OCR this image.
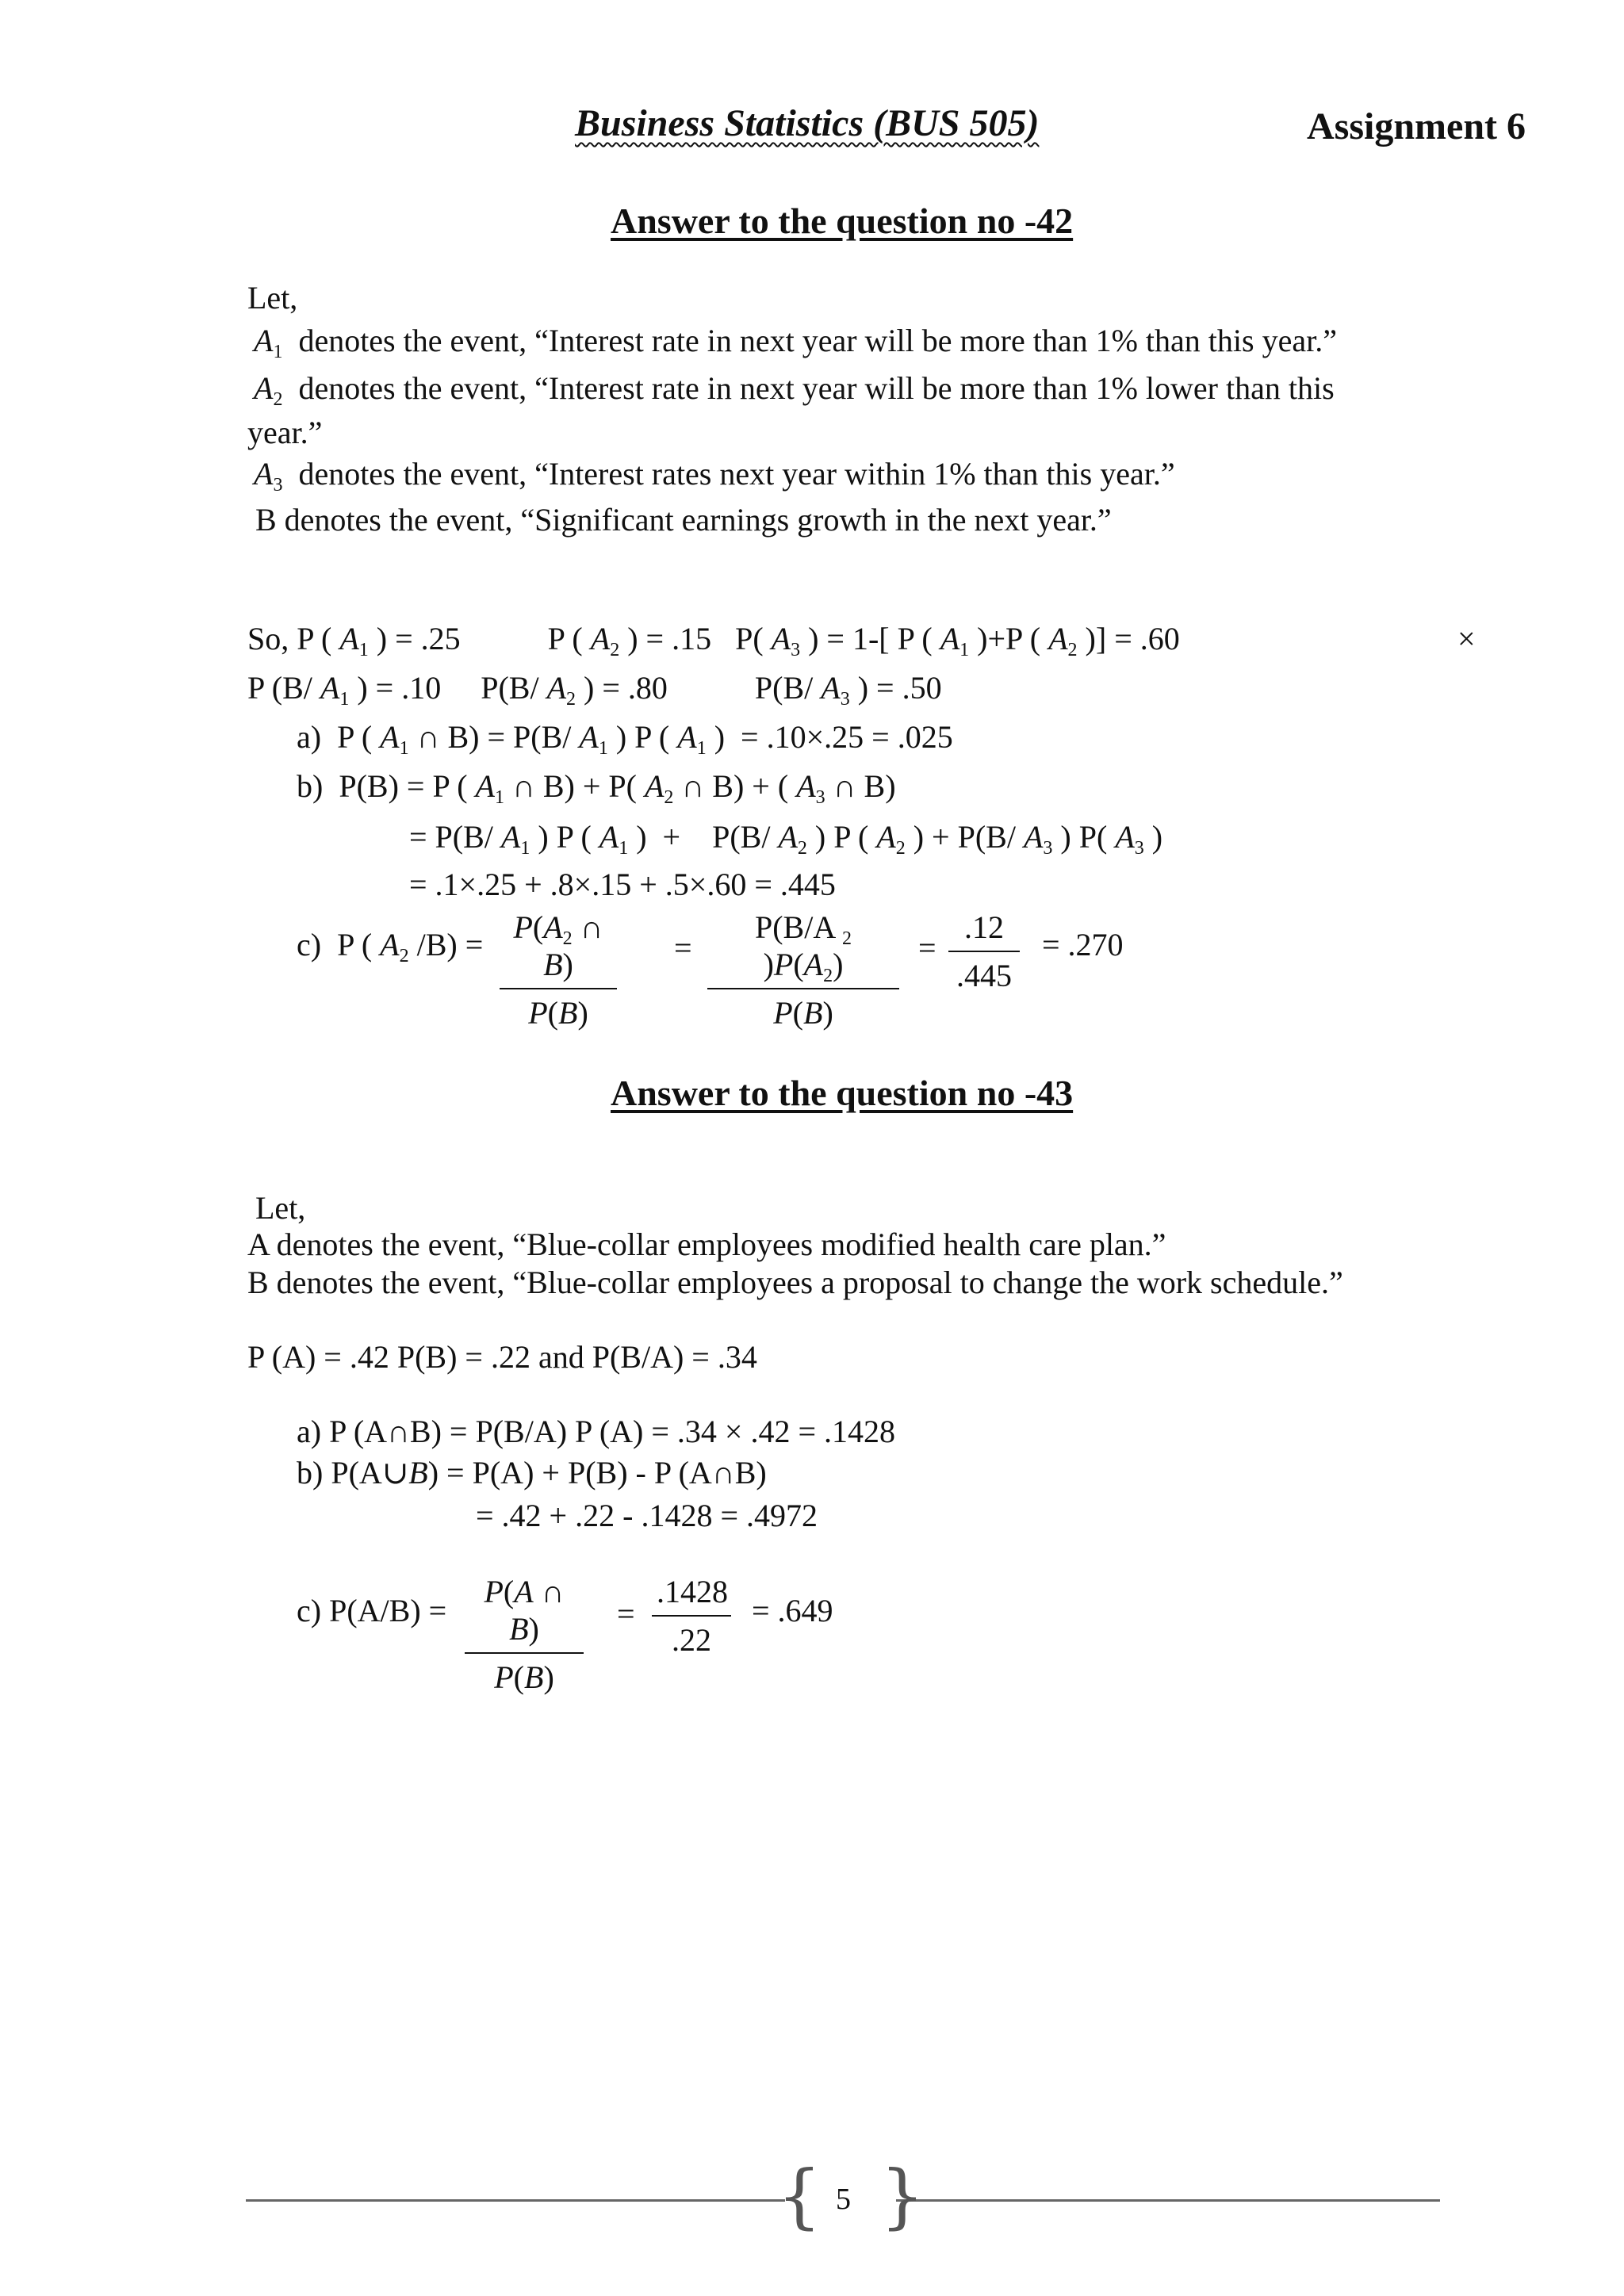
Business Statistics (BUS 505)	Assignment 6
Answer to the question no -42
Let,
$A_1$ denotes the event, “Interest rate in next year will be more than 1% than this year.”
$A_2$ denotes the event, “Interest rate in next year will be more than 1% lower than this
year.”
$A_3$ denotes the event, “Interest rates next year within 1% than this year.”
B denotes the event, “Significant earnings growth in the next year.”
So, P ( $A_1$ ) = .25           P ( $A_2$ ) = .15   P( $A_3$ ) = 1-[ P ( $A_1$ )+P ( $A_2$ )] = .60	×
P (B/ $A_1$ ) = .10     P(B/ $A_2$ ) = .80           P(B/ $A_3$ ) = .50
a)  P ( $A_1$ ∩ B) = P(B/ $A_1$ ) P ( $A_1$ )  = .10×.25 = .025
b)  P(B) = P ( $A_1$ ∩ B) + P( $A_2$ ∩ B) + ( $A_3$ ∩ B)
= P(B/ $A_1$ ) P ( $A_1$ )  +    P(B/ $A_2$ ) P ( $A_2$ ) + P(B/ $A_3$ ) P( $A_3$ )
= .1×.25 + .8×.15 + .5×.60 = .445
c)  P ( $A_2$ $/B) = P(A_2$ ∩ B)
P(B)
=
P(B/A $_2$ )$P(A_2)$
P(B)
=
.12
.445
= .270
Answer to the question no -43
Let,
A denotes the event, “Blue-collar employees modified health care plan.”
B denotes the event, “Blue-collar employees a proposal to change the work schedule.”
P (A) = .42 P(B) = .22 and P(B/A) = .34
a) P (A∩B) = P(B/A) P (A) = .34 × .42 = .1428
b) P(A∪B) = P(A) + P(B) - P (A∩B)
= .42 + .22 - .1428 = .4972
c) P(A/B) =
P(A ∩ B)
P(B)
=
.1428
.22
= .649
{ }
5
